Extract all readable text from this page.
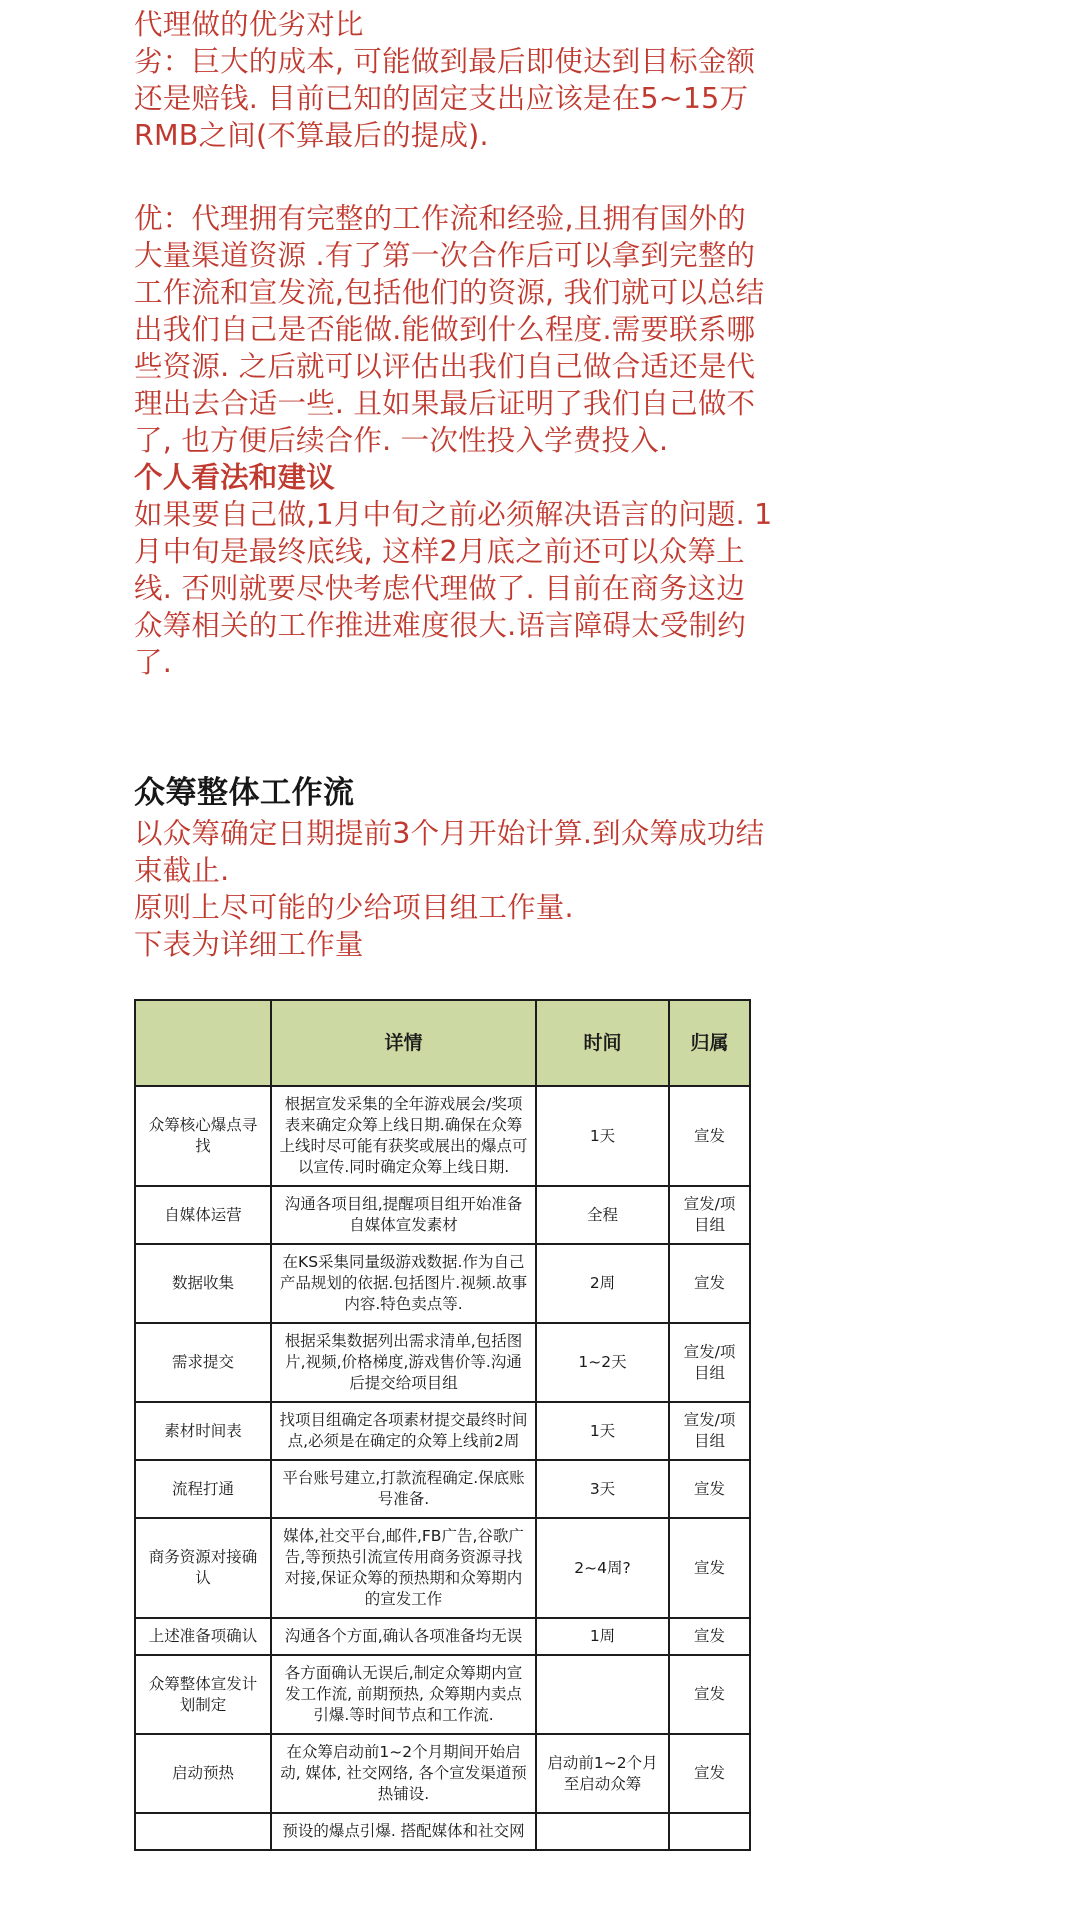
代理做的优劣对比

劣：巨大的成本, 可能做到最后即使达到目标金额还是赔钱. 目前已知的固定支出应该是在5~15万RMB之间(不算最后的提成).

优：代理拥有完整的工作流和经验,且拥有国外的大量渠道资源 .有了第一次合作后可以拿到完整的工作流和宣发流,包括他们的资源, 我们就可以总结出我们自己是否能做.能做到什么程度.需要联系哪些资源. 之后就可以评估出我们自己做合适还是代理出去合适一些. 且如果最后证明了我们自己做不了, 也方便后续合作. 一次性投入学费投入.

个人看法和建议

如果要自己做,1月中旬之前必须解决语言的问题. 1月中旬是最终底线, 这样2月底之前还可以众筹上线. 否则就要尽快考虑代理做了. 目前在商务这边 众筹相关的工作推进难度很大.语言障碍太受制约了.

众筹整体工作流

以众筹确定日期提前3个月开始计算.到众筹成功结束截止.

原则上尽可能的少给项目组工作量.

下表为详细工作量

	详情	时间	归属
众筹核心爆点寻找	根据宣发采集的全年游戏展会/奖项表来确定众筹上线日期.确保在众筹上线时尽可能有获奖或展出的爆点可以宣传.同时确定众筹上线日期.	1天	宣发
自媒体运营	沟通各项目组,提醒项目组开始准备自媒体宣发素材	全程	宣发/项目组
数据收集	在KS采集同量级游戏数据.作为自己产品规划的依据.包括图片.视频.故事内容.特色卖点等.	2周	宣发
需求提交	根据采集数据列出需求清单,包括图片,视频,价格梯度,游戏售价等.沟通后提交给项目组	1~2天	宣发/项目组
素材时间表	找项目组确定各项素材提交最终时间点,必须是在确定的众筹上线前2周	1天	宣发/项目组
流程打通	平台账号建立,打款流程确定.保底账号准备.	3天	宣发
商务资源对接确认	媒体,社交平台,邮件,FB广告,谷歌广告,等预热引流宣传用商务资源寻找对接,保证众筹的预热期和众筹期内的宣发工作	2~4周?	宣发
上述准备项确认	沟通各个方面,确认各项准备均无误	1周	宣发
众筹整体宣发计划制定	各方面确认无误后,制定众筹期内宣发工作流, 前期预热, 众筹期内卖点引爆.等时间节点和工作流.		宣发
启动预热	在众筹启动前1~2个月期间开始启动, 媒体, 社交网络, 各个宣发渠道预热铺设.	启动前1~2个月至启动众筹	宣发
	预设的爆点引爆. 搭配媒体和社交网		
